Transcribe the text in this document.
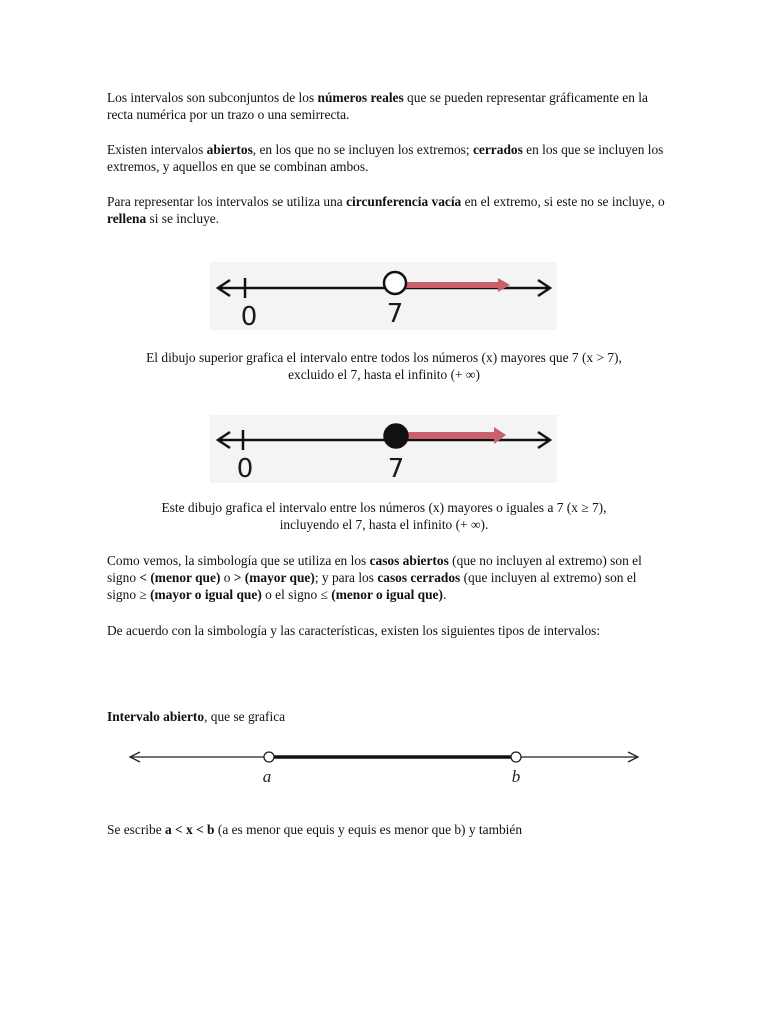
Los intervalos son subconjuntos de los números reales que se pueden representar gráficamente en la recta numérica por un trazo o una semirrecta.

Existen intervalos abiertos, en los que no se incluyen los extremos; cerrados en los que se incluyen los extremos, y aquellos en que se combinan ambos.

Para representar los intervalos se utiliza una circunferencia vacía en el extremo, si este no se incluye, o rellena si se incluye.

0	7

El dibujo superior grafica el intervalo entre todos los números (x) mayores que 7 (x > 7),
excluido el 7, hasta el infinito (+ ∞)

0	7

Este dibujo grafica el intervalo entre los números (x) mayores o iguales a 7 (x ≥ 7),
incluyendo el 7, hasta el infinito (+ ∞).

Como vemos, la simbología que se utiliza en los casos abiertos (que no incluyen al extremo) son el signo < (menor que) o > (mayor que); y para los casos cerrados (que incluyen al extremo) son el signo ≥ (mayor o igual que) o el signo ≤ (menor o igual que).

De acuerdo con la simbología y las características, existen los siguientes tipos de intervalos:

Intervalo abierto, que se grafica

a	b

Se escribe a < x < b (a es menor que equis y equis es menor que b) y también
